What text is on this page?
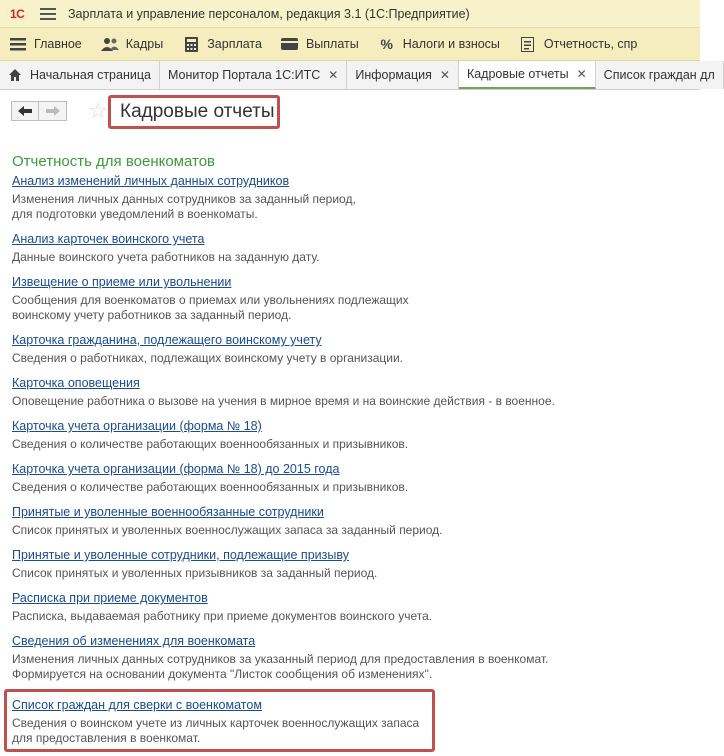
1С	Зарплата и управление персоналом, редакция 3.1 (1С:Предприятие)
Главное	Кадры	Зарплата	Выплаты % Налоги и взносы	Отчетность, спр
Начальная страница Монитор Портала 1С:ИТС ✕ Информация ✕ Кадровые отчеты ✕ Список граждан дл
☆ Кадровые отчеты
Отчетность для военкоматов
Анализ изменений личных данных сотрудников
Изменения личных данных сотрудников за заданный период,
для подготовки уведомлений в военкоматы.
Анализ карточек воинского учета
Данные воинского учета работников на заданную дату.
Извещение о приеме или увольнении
Сообщения для военкоматов о приемах или увольнениях подлежащих
воинскому учету работников за заданный период.
Карточка гражданина, подлежащего воинскому учету
Сведения о работниках, подлежащих воинскому учету в организации.
Карточка оповещения
Оповещение работника о вызове на учения в мирное время и на воинские действия - в военное.
Карточка учета организации (форма № 18)
Сведения о количестве работающих военнообязанных и призывников.
Карточка учета организации (форма № 18) до 2015 года
Сведения о количестве работающих военнообязанных и призывников.
Принятые и уволенные военнообязанные сотрудники
Список принятых и уволенных военнослужащих запаса за заданный период.
Принятые и уволенные сотрудники, подлежащие призыву
Список принятых и уволенных призывников за заданный период.
Расписка при приеме документов
Расписка, выдаваемая работнику при приеме документов воинского учета.
Сведения об изменениях для военкомата
Изменения личных данных сотрудников за указанный период для предоставления в военкомат.
Формируется на основании документа "Листок сообщения об изменениях".
Список граждан для сверки с военкоматом
Сведения о воинском учете из личных карточек военнослужащих запаса
для предоставления в военкомат.
